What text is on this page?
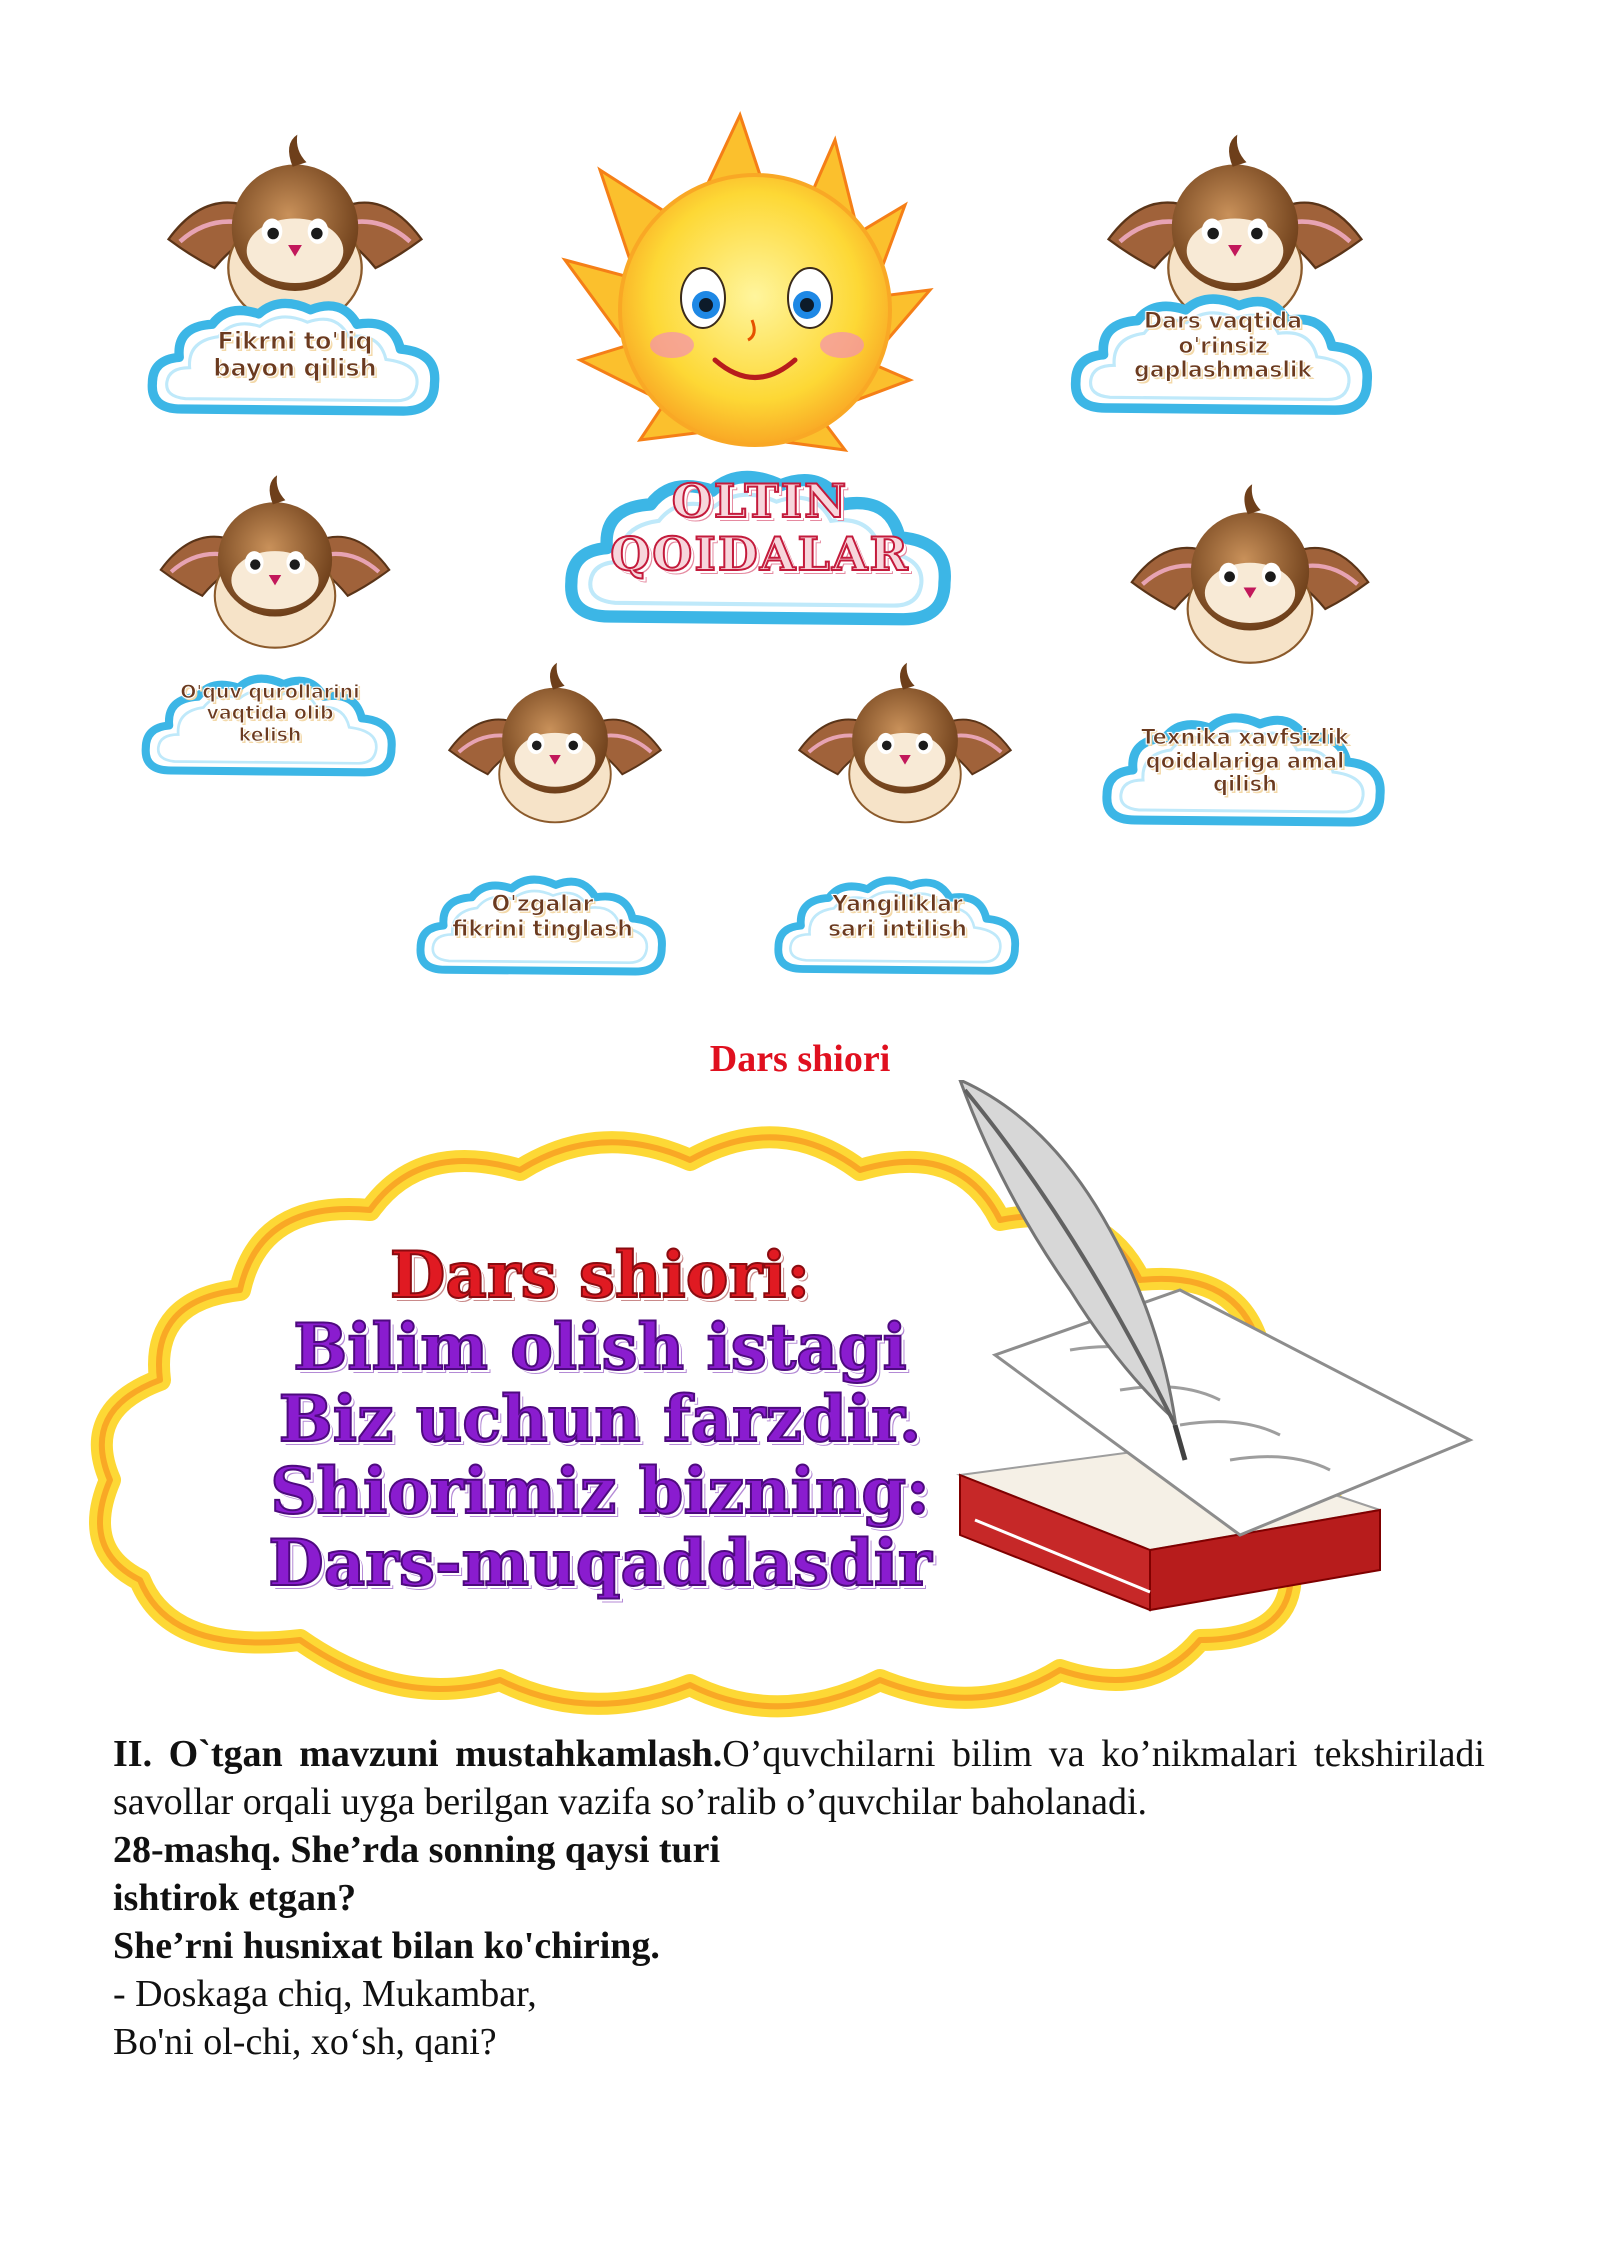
OLTIN
QOIDALAR
Fikrni to'liq
bayon qilish
Dars vaqtida
o'rinsiz
gaplashmaslik
O'quv qurollarini
vaqtida olib
kelish	Texnika xavfsizlik
qoidalariga amal
qilish
O'zgalar
fikrini tinglash
Yangiliklar
sari intilish
Dars shiori
Dars shiori:
Bilim olish istagi
Biz uchun farzdir.
Shiorimiz bizning:
Dars-muqaddasdir

II. O`tgan mavzuni mustahkamlash.O’quvchilarni bilim va ko’nikmalari tekshiriladi savollar orqali uyga berilgan vazifa so’ralib o’quvchilar baholanadi.

28-mashq. She’rda sonning qaysi turi
ishtirok etgan?
She’rni husnixat bilan ko'chiring.
- Doskaga chiq, Mukambar,
Bo'ni ol-chi, xo‘sh, qani?
